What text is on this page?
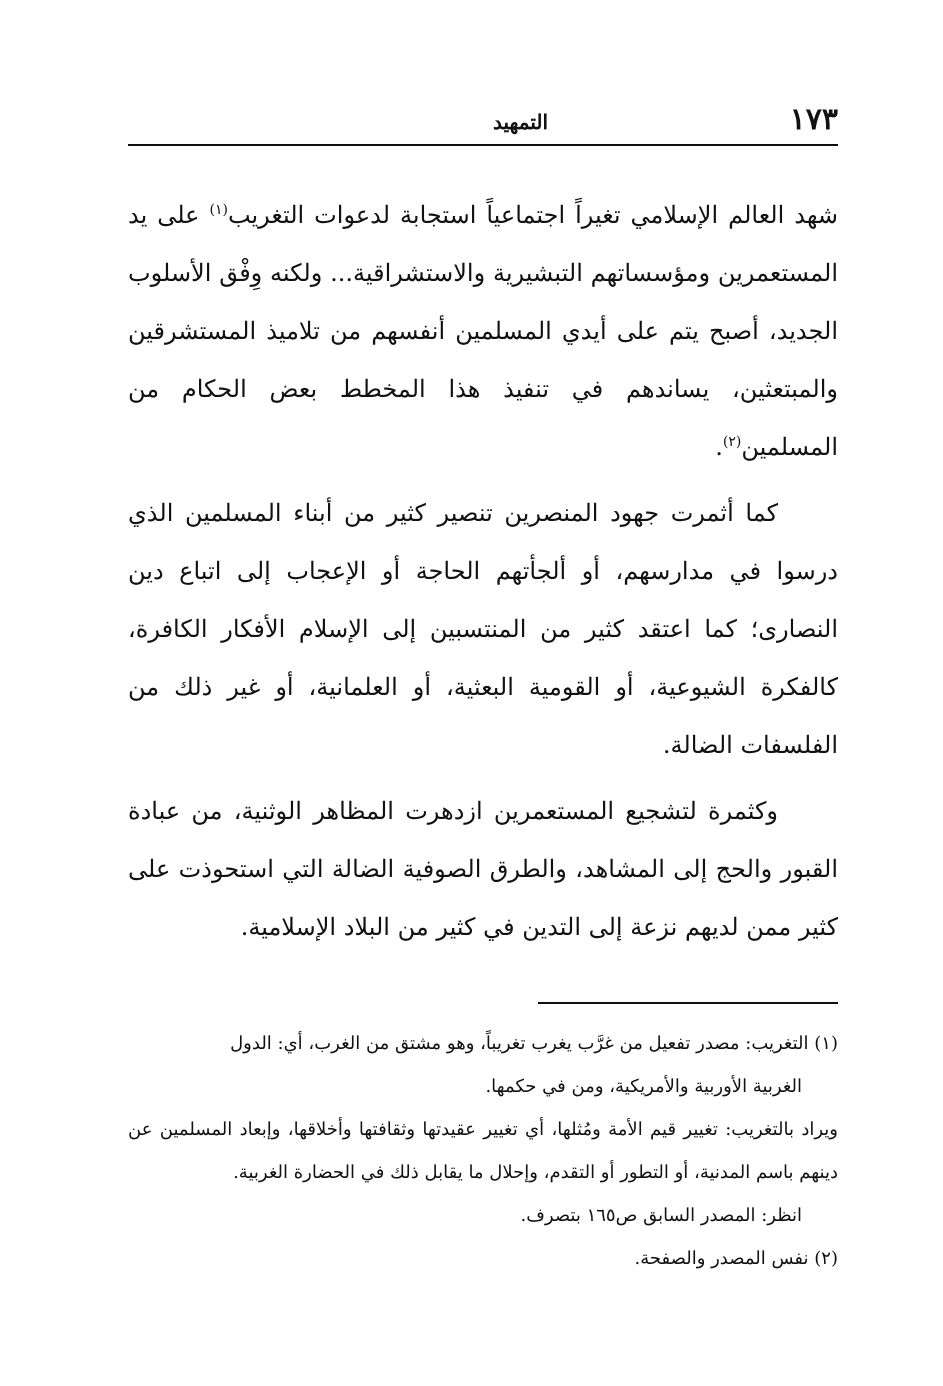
١٧٣
التمهيد

شهد العالم الإسلامي تغيراً اجتماعياً استجابة لدعوات التغريب$^{(١)}$ على يد المستعمرين ومؤسساتهم التبشيرية والاستشراقية... ولكنه وِفْق الأسلوب الجديد، أصبح يتم على أيدي المسلمين أنفسهم من تلاميذ المستشرقين والمبتعثين، يساندهم في تنفيذ هذا المخطط بعض الحكام من المسلمين$^{(٢)}$.

كما أثمرت جهود المنصرين تنصير كثير من أبناء المسلمين الذي درسوا في مدارسهم، أو ألجأتهم الحاجة أو الإعجاب إلى اتباع دين النصارى؛ كما اعتقد كثير من المنتسبين إلى الإسلام الأفكار الكافرة، كالفكرة الشيوعية، أو القومية البعثية، أو العلمانية، أو غير ذلك من الفلسفات الضالة.

وكثمرة لتشجيع المستعمرين ازدهرت المظاهر الوثنية، من عبادة القبور والحج إلى المشاهد، والطرق الصوفية الضالة التي استحوذت على كثير ممن لديهم نزعة إلى التدين في كثير من البلاد الإسلامية.

(١) التغريب: مصدر تفعيل من غرَّب يغرب تغريباً، وهو مشتق من الغرب، أي: الدول

الغربية الأوربية والأمريكية، ومن في حكمها.

ويراد بالتغريب: تغيير قيم الأمة ومُثلها، أي تغيير عقيدتها وثقافتها وأخلاقها، وإبعاد المسلمين عن دينهم باسم المدنية، أو التطور أو التقدم، وإحلال ما يقابل ذلك في الحضارة الغربية.

انظر: المصدر السابق ص١٦٥ بتصرف.

(٢) نفس المصدر والصفحة.
